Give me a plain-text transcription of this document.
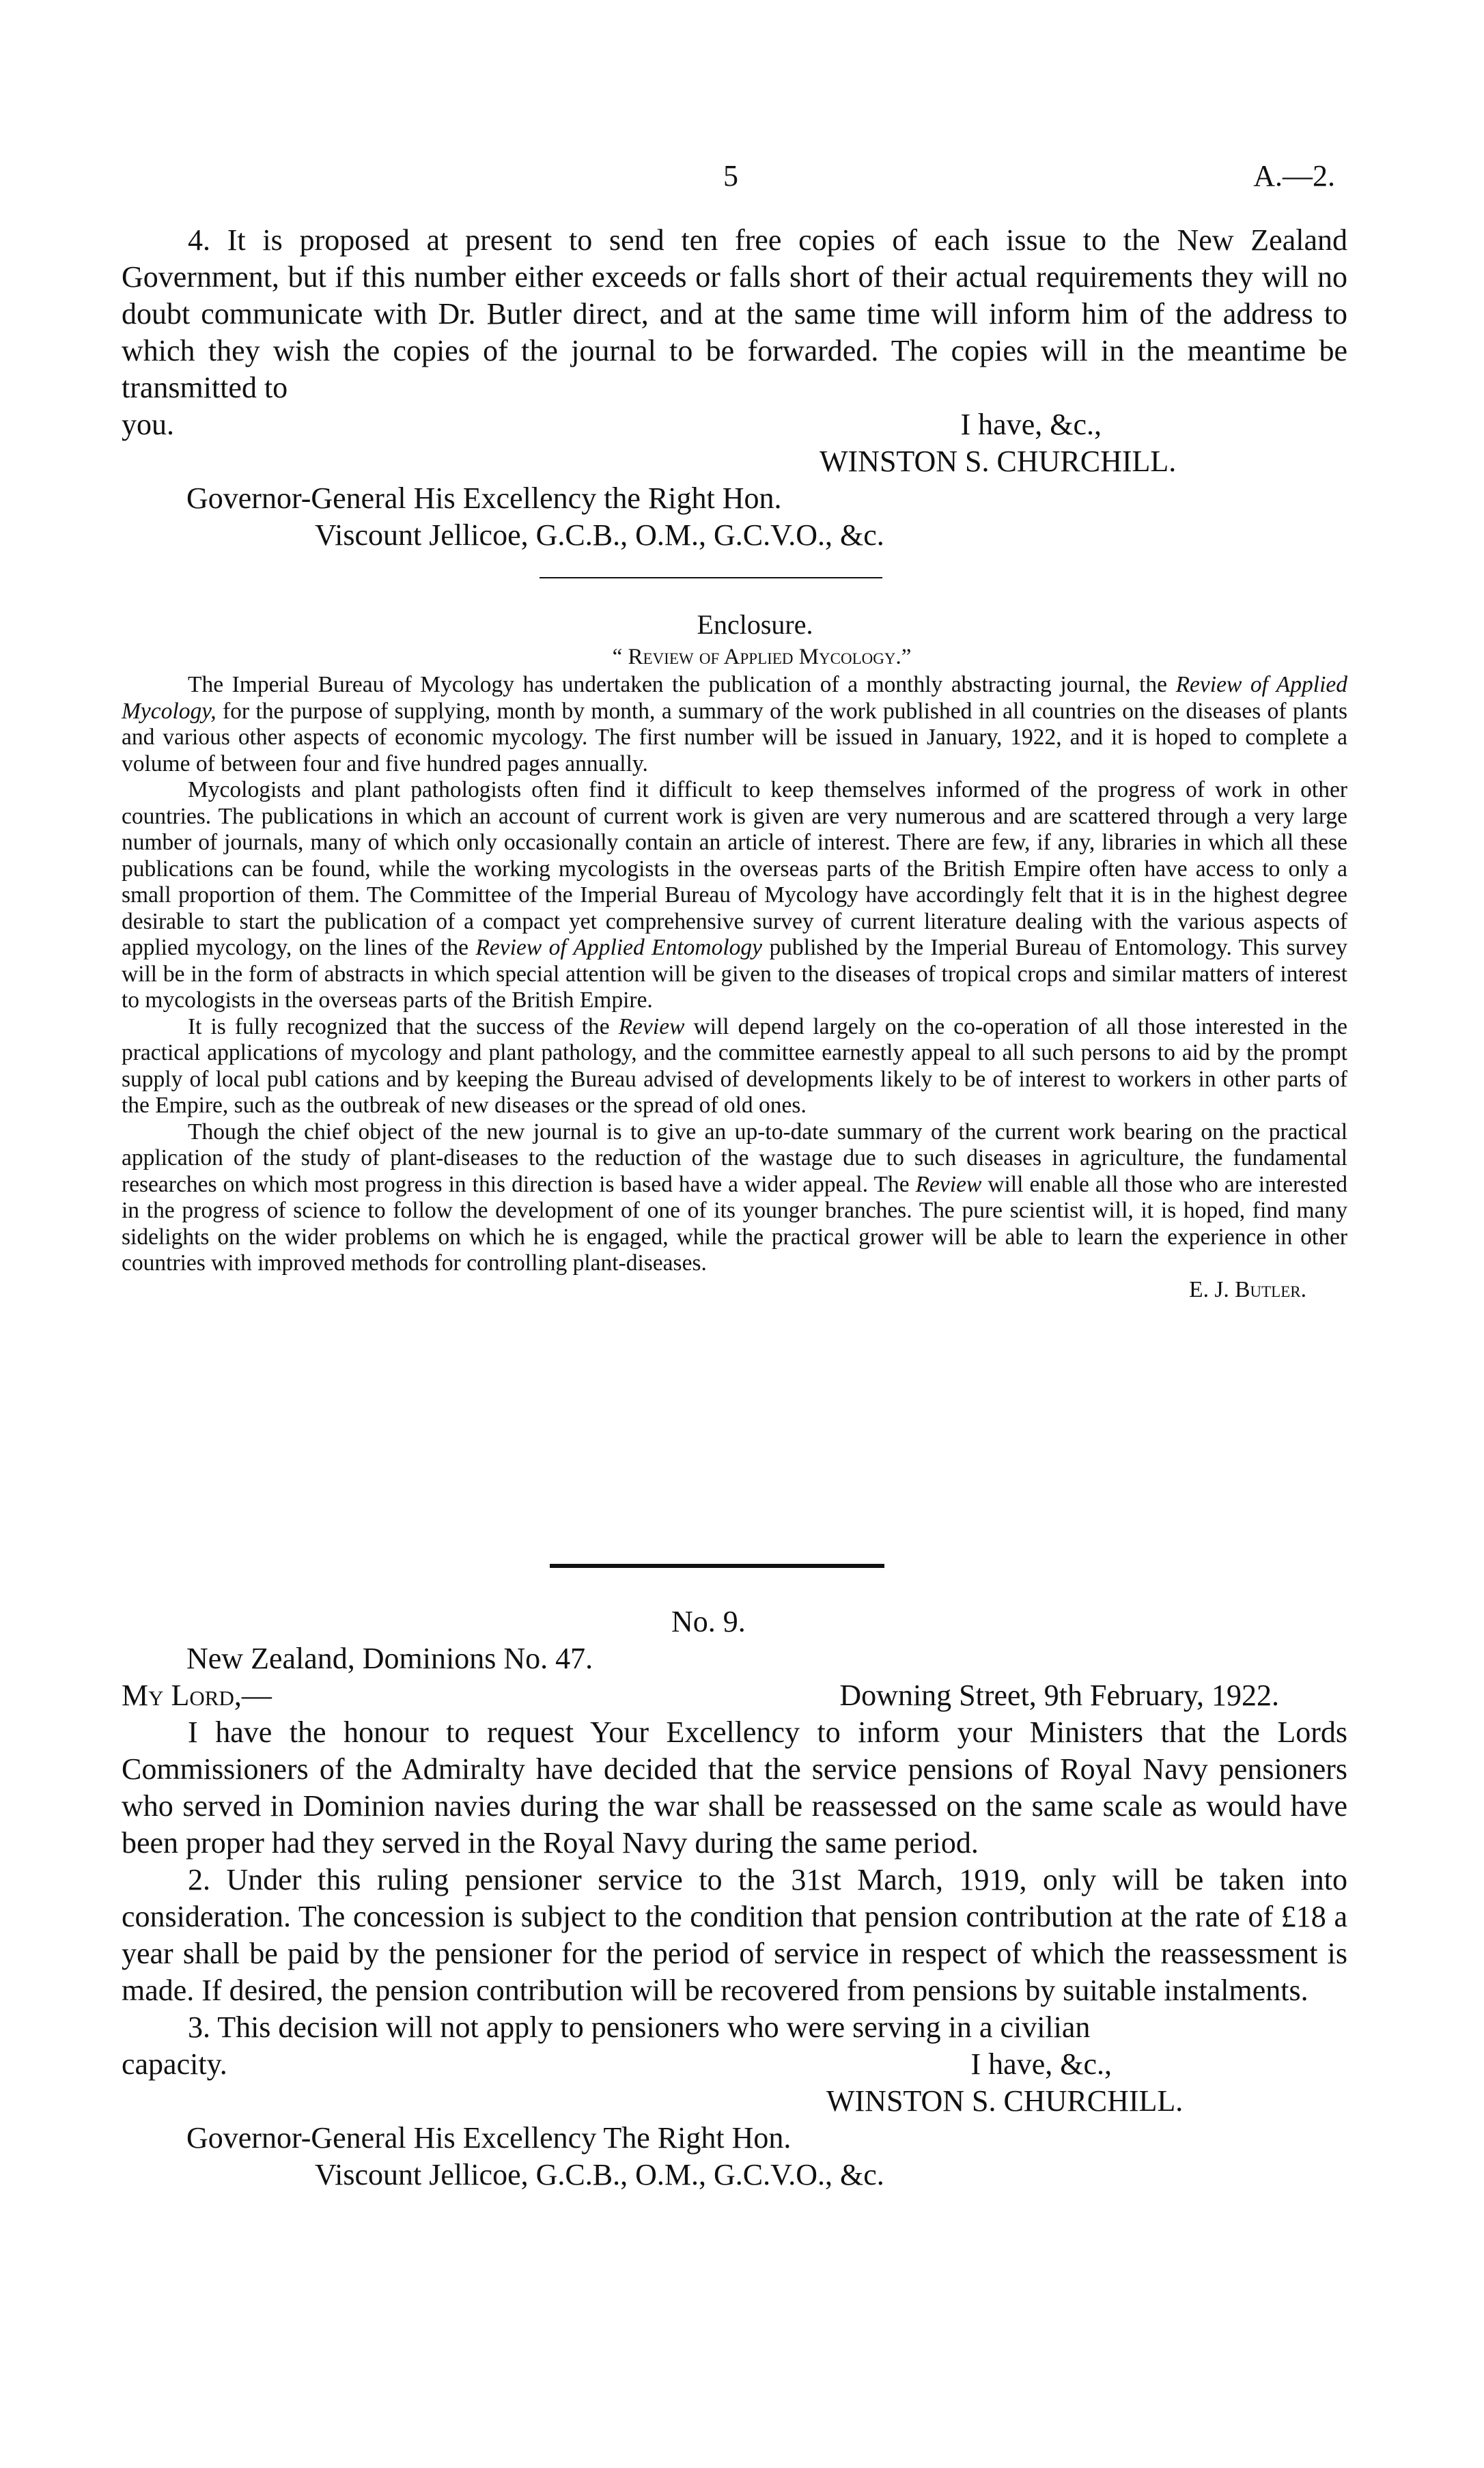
5	A.—2.

4. It is proposed at present to send ten free copies of each issue to the New Zealand Government, but if this number either exceeds or falls short of their actual requirements they will no doubt communicate with Dr. Butler direct, and at the same time will inform him of the address to which they wish the copies of the journal to be forwarded. The copies will in the meantime be transmitted to

you.	I have, &c.,

WINSTON S. CHURCHILL.

Governor-General His Excellency the Right Hon.

Viscount Jellicoe, G.C.B., O.M., G.C.V.O., &c.

Enclosure.

“ Review of Applied Mycology.”

The Imperial Bureau of Mycology has undertaken the publication of a monthly abstracting journal, the Review of Applied Mycology, for the purpose of supplying, month by month, a summary of the work published in all countries on the diseases of plants and various other aspects of economic mycology. The first number will be issued in January, 1922, and it is hoped to complete a volume of between four and five hundred pages annually.

Mycologists and plant pathologists often find it difficult to keep themselves informed of the progress of work in other countries. The publications in which an account of current work is given are very numerous and are scattered through a very large number of journals, many of which only occasionally contain an article of interest. There are few, if any, libraries in which all these publications can be found, while the working mycologists in the overseas parts of the British Empire often have access to only a small proportion of them. The Committee of the Imperial Bureau of Mycology have accordingly felt that it is in the highest degree desirable to start the publication of a compact yet comprehensive survey of current literature dealing with the various aspects of applied mycology, on the lines of the Review of Applied Entomology published by the Imperial Bureau of Entomology. This survey will be in the form of abstracts in which special attention will be given to the diseases of tropical crops and similar matters of interest to mycologists in the overseas parts of the British Empire.

It is fully recognized that the success of the Review will depend largely on the co-operation of all those interested in the practical applications of mycology and plant pathology, and the committee earnestly appeal to all such persons to aid by the prompt supply of local publ cations and by keeping the Bureau advised of developments likely to be of interest to workers in other parts of the Empire, such as the outbreak of new diseases or the spread of old ones.

Though the chief object of the new journal is to give an up-to-date summary of the current work bearing on the practical application of the study of plant-diseases to the reduction of the wastage due to such diseases in agriculture, the fundamental researches on which most progress in this direction is based have a wider appeal. The Review will enable all those who are interested in the progress of science to follow the development of one of its younger branches. The pure scientist will, it is hoped, find many sidelights on the wider problems on which he is engaged, while the practical grower will be able to learn the experience in other countries with improved methods for controlling plant-diseases.

E. J. Butler.

No. 9.

New Zealand, Dominions No. 47.

My Lord,—	Downing Street, 9th February, 1922.

I have the honour to request Your Excellency to inform your Ministers that the Lords Commissioners of the Admiralty have decided that the service pensions of Royal Navy pensioners who served in Dominion navies during the war shall be reassessed on the same scale as would have been proper had they served in the Royal Navy during the same period.

2. Under this ruling pensioner service to the 31st March, 1919, only will be taken into consideration. The concession is subject to the condition that pension contribution at the rate of £18 a year shall be paid by the pensioner for the period of service in respect of which the reassessment is made. If desired, the pension contribution will be recovered from pensions by suitable instalments.

3. This decision will not apply to pensioners who were serving in a civilian

capacity.	I have, &c.,

WINSTON S. CHURCHILL.

Governor-General His Excellency The Right Hon.

Viscount Jellicoe, G.C.B., O.M., G.C.V.O., &c.
